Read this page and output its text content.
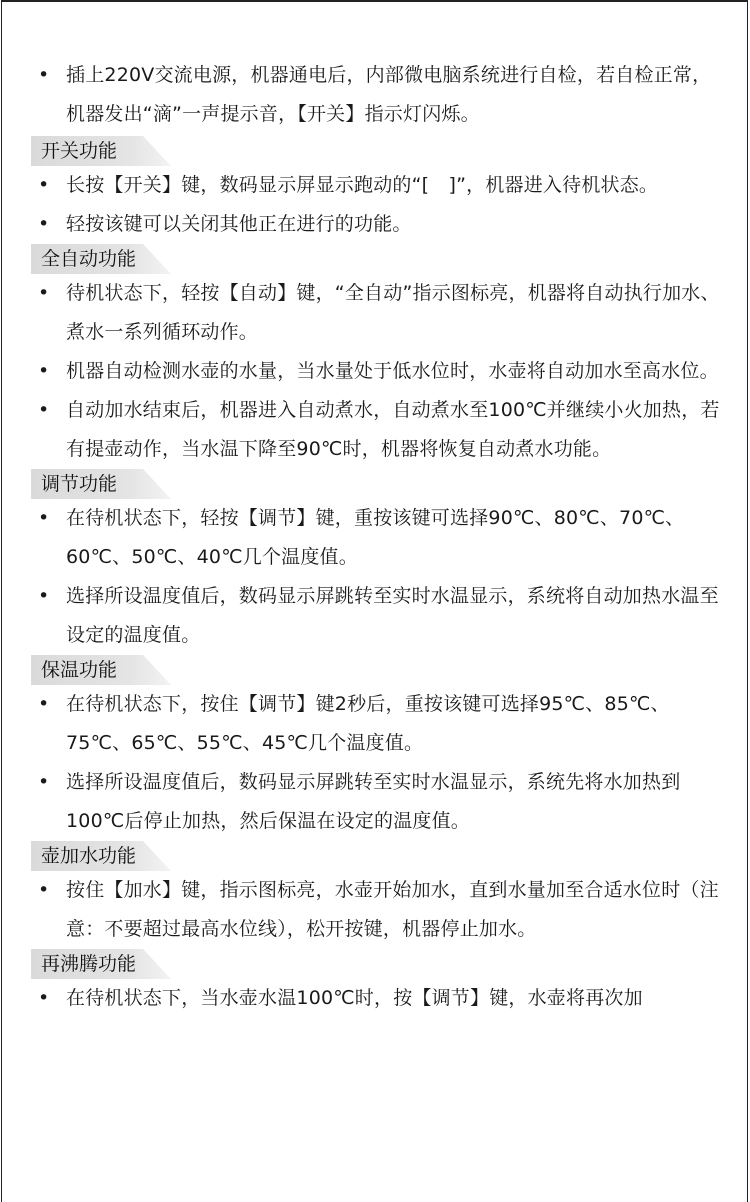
• 插上220V交流电源，机器通电后，内部微电脑系统进行自检，若自检正常，机器发出“滴”一声提示音，【开关】指示灯闪烁。
开关功能
• 长按【开关】键，数码显示屏显示跑动的“[　]”，机器进入待机状态。
• 轻按该键可以关闭其他正在进行的功能。
全自动功能
• 待机状态下，轻按【自动】键，“全自动”指示图标亮，机器将自动执行加水、煮水一系列循环动作。
• 机器自动检测水壶的水量，当水量处于低水位时，水壶将自动加水至高水位。
• 自动加水结束后，机器进入自动煮水，自动煮水至100℃并继续小火加热，若有提壶动作，当水温下降至90℃时，机器将恢复自动煮水功能。
调节功能
• 在待机状态下，轻按【调节】键，重按该键可选择90℃、80℃、70℃、60℃、50℃、40℃几个温度值。
• 选择所设温度值后，数码显示屏跳转至实时水温显示，系统将自动加热水温至设定的温度值。
保温功能
• 在待机状态下，按住【调节】键2秒后，重按该键可选择95℃、85℃、75℃、65℃、55℃、45℃几个温度值。
• 选择所设温度值后，数码显示屏跳转至实时水温显示，系统先将水加热到100℃后停止加热，然后保温在设定的温度值。
壶加水功能
• 按住【加水】键，指示图标亮，水壶开始加水，直到水量加至合适水位时（注意：不要超过最高水位线），松开按键，机器停止加水。
再沸腾功能
• 在待机状态下，当水壶水温100℃时，按【调节】键，水壶将再次加
